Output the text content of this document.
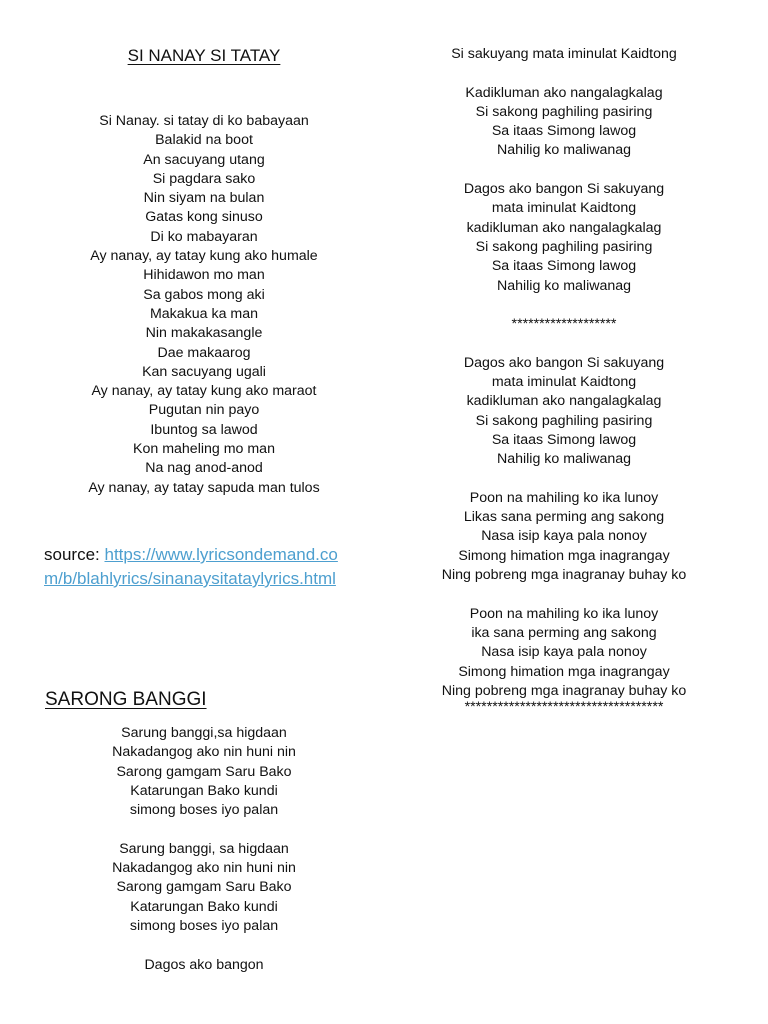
SI NANAY SI TATAY
Si Nanay. si tatay di ko babayaan
Balakid na boot
An sacuyang utang
Si pagdara sako
Nin siyam na bulan
Gatas kong sinuso
Di ko mabayaran
Ay nanay, ay tatay kung ako humale
Hihidawon mo man
Sa gabos mong aki
Makakua ka man
Nin makakasangle
Dae makaarog
Kan sacuyang ugali
Ay nanay, ay tatay kung ako maraot
Pugutan nin payo
Ibuntog sa lawod
Kon maheling mo man
Na nag anod-anod
Ay nanay, ay tatay sapuda man tulos
source: https://www.lyricsondemand.co
m/b/blahlyrics/sinanaysitataylyrics.html
SARONG BANGGI
Sarung banggi,sa higdaan
Nakadangog ako nin huni nin
Sarong gamgam Saru Bako
Katarungan Bako kundi
simong boses iyo palan
Sarung banggi, sa higdaan
Nakadangog ako nin huni nin
Sarong gamgam Saru Bako
Katarungan Bako kundi
simong boses iyo palan
Dagos ako bangon
Si sakuyang mata iminulat Kaidtong
Kadikluman ako nangalagkalag
Si sakong paghiling pasiring
Sa itaas Simong lawog
Nahilig ko maliwanag
Dagos ako bangon Si sakuyang
mata iminulat Kaidtong
kadikluman ako nangalagkalag
Si sakong paghiling pasiring
Sa itaas Simong lawog
Nahilig ko maliwanag
*******************
Dagos ako bangon Si sakuyang
mata iminulat Kaidtong
kadikluman ako nangalagkalag
Si sakong paghiling pasiring
Sa itaas Simong lawog
Nahilig ko maliwanag
Poon na mahiling ko ika lunoy
Likas sana perming ang sakong
Nasa isip kaya pala nonoy
Simong himation mga inagrangay
Ning pobreng mga inagranay buhay ko
Poon na mahiling ko ika lunoy
ika sana perming ang sakong
Nasa isip kaya pala nonoy
Simong himation mga inagrangay
Ning pobreng mga inagranay buhay ko
************************************
